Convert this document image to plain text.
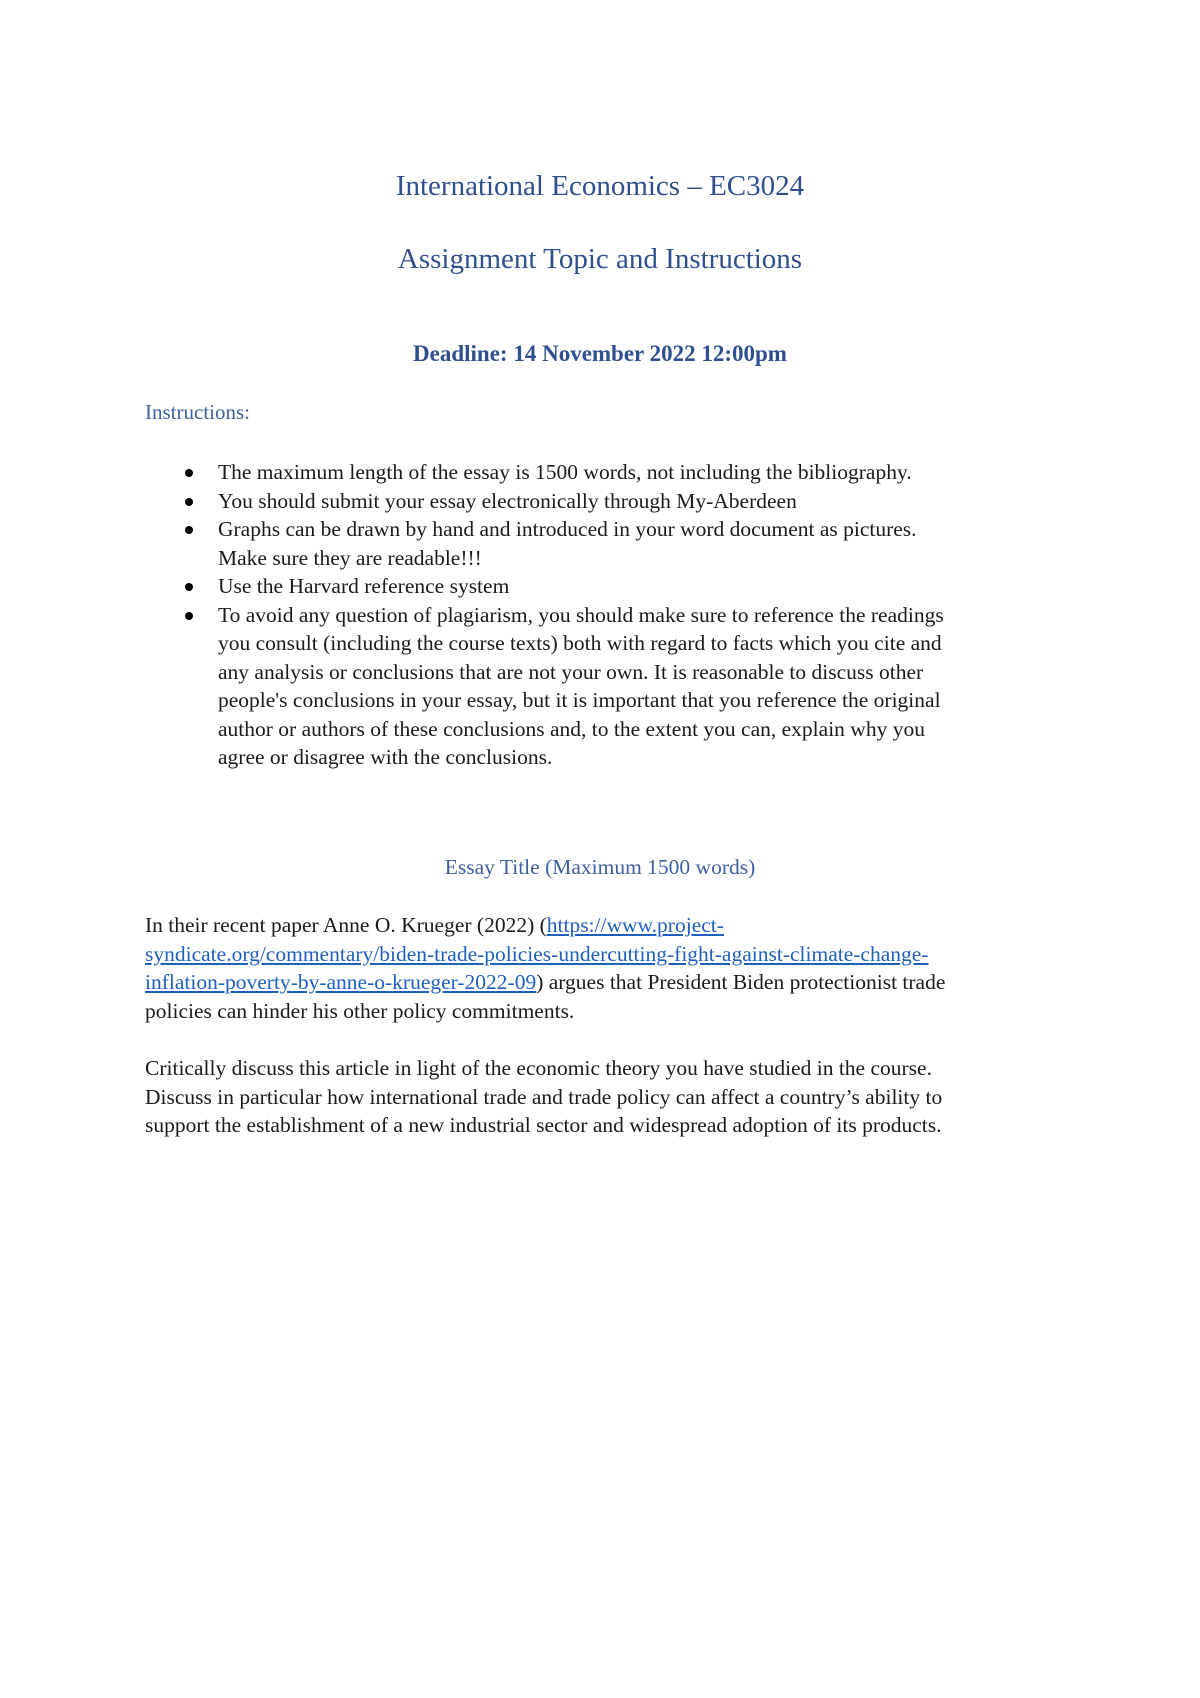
International Economics – EC3024
Assignment Topic and Instructions

Deadline: 14 November 2022 12:00pm

Instructions:

The maximum length of the essay is 1500 words, not including the bibliography.
You should submit your essay electronically through My-Aberdeen
Graphs can be drawn by hand and introduced in your word document as pictures.
Make sure they are readable!!!
Use the Harvard reference system
To avoid any question of plagiarism, you should make sure to reference the readings
you consult (including the course texts) both with regard to facts which you cite and
any analysis or conclusions that are not your own. It is reasonable to discuss other
people's conclusions in your essay, but it is important that you reference the original
author or authors of these conclusions and, to the extent you can, explain why you
agree or disagree with the conclusions.

Essay Title (Maximum 1500 words)

In their recent paper Anne O. Krueger (2022) (https://www.project-
syndicate.org/commentary/biden-trade-policies-undercutting-fight-against-climate-change-
inflation-poverty-by-anne-o-krueger-2022-09) argues that President Biden protectionist trade
policies can hinder his other policy commitments.

Critically discuss this article in light of the economic theory you have studied in the course.
Discuss in particular how international trade and trade policy can affect a country’s ability to
support the establishment of a new industrial sector and widespread adoption of its products.
